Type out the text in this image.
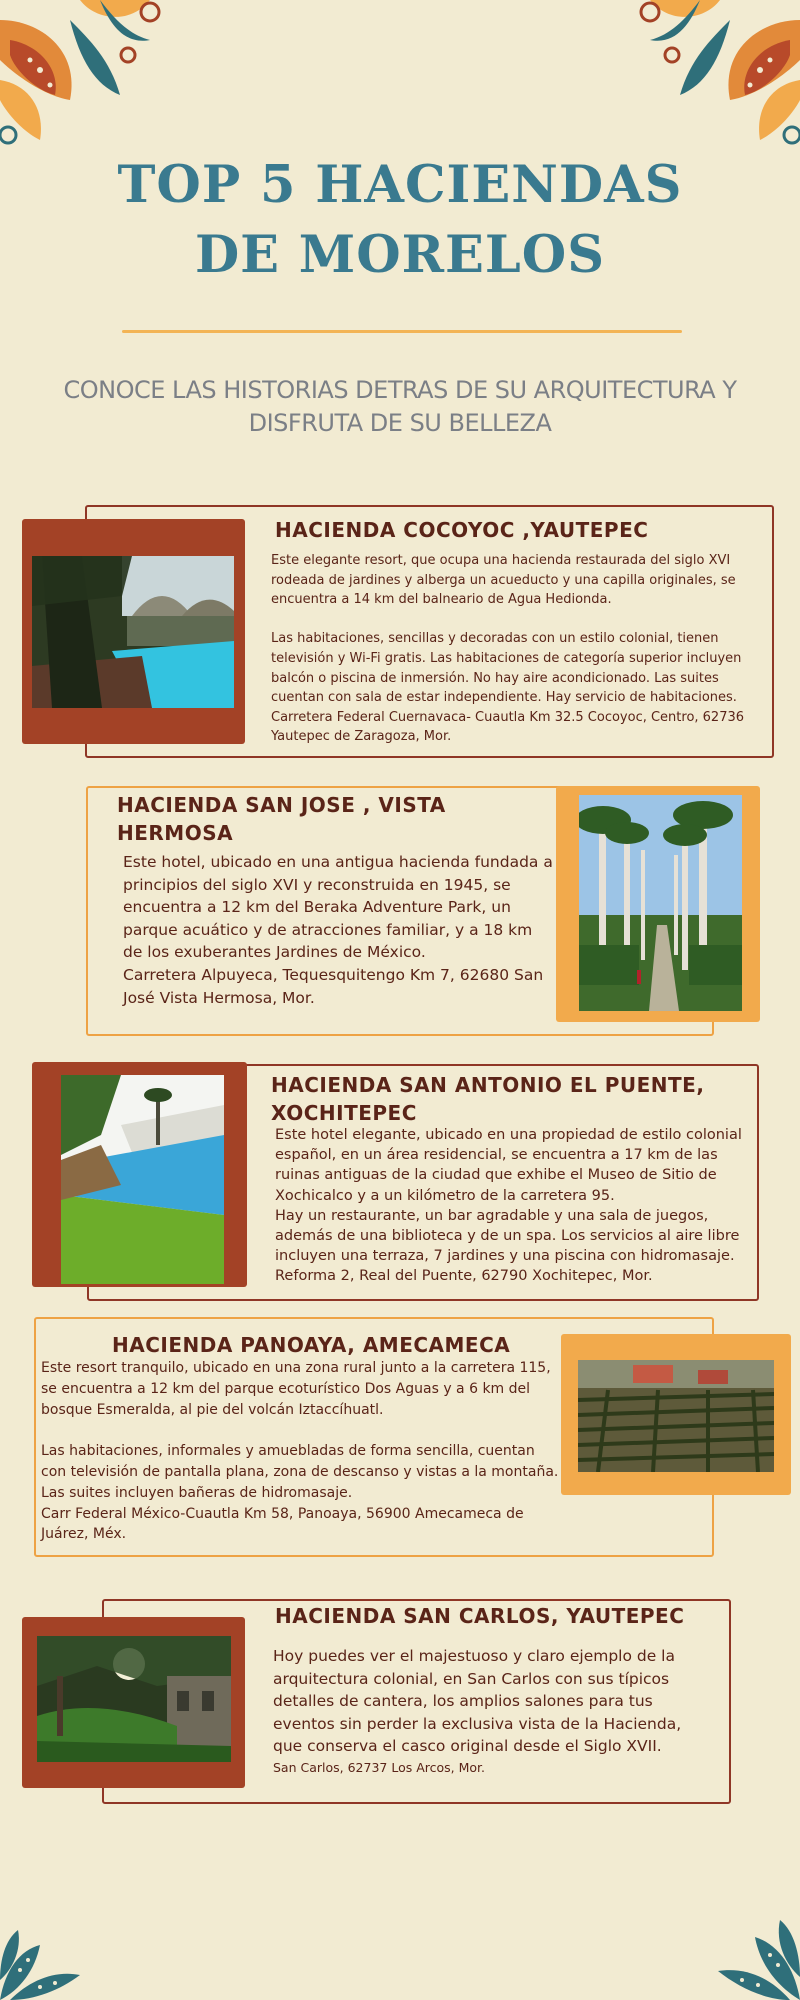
TOP 5 HACIENDAS DE MORELOS
CONOCE LAS HISTORIAS DETRAS DE SU ARQUITECTURA Y DISFRUTA DE SU BELLEZA
HACIENDA COCOYOC ,YAUTEPEC
Este elegante resort, que ocupa una hacienda restaurada del siglo XVI rodeada de jardines y alberga un acueducto y una capilla originales, se encuentra a 14 km del balneario de Agua Hedionda.

Las habitaciones, sencillas y decoradas con un estilo colonial, tienen televisión y Wi-Fi gratis. Las habitaciones de categoría superior incluyen balcón o piscina de inmersión. No hay aire acondicionado. Las suites cuentan con sala de estar independiente. Hay servicio de habitaciones.
Carretera Federal Cuernavaca- Cuautla Km 32.5 Cocoyoc, Centro, 62736 Yautepec de Zaragoza, Mor.
HACIENDA SAN JOSE , VISTA HERMOSA
Este hotel, ubicado en una antigua hacienda fundada a principios del siglo XVI y reconstruida en 1945, se encuentra a 12 km del Beraka Adventure Park, un parque acuático y de atracciones familiar, y a 18 km de los exuberantes Jardines de México.
Carretera Alpuyeca, Tequesquitengo Km 7, 62680 San José Vista Hermosa, Mor.
HACIENDA SAN ANTONIO EL PUENTE, XOCHITEPEC
Este hotel elegante, ubicado en una propiedad de estilo colonial español, en un área residencial, se encuentra a 17 km de las ruinas antiguas de la ciudad que exhibe el Museo de Sitio de Xochicalco y a un kilómetro de la carretera 95.
Hay un restaurante, un bar agradable y una sala de juegos, además de una biblioteca y de un spa. Los servicios al aire libre incluyen una terraza, 7 jardines y una piscina con hidromasaje.
Reforma 2, Real del Puente, 62790 Xochitepec, Mor.
HACIENDA PANOAYA, AMECAMECA
Este resort tranquilo, ubicado en una zona rural junto a la carretera 115, se encuentra a 12 km del parque ecoturístico Dos Aguas y a 6 km del bosque Esmeralda, al pie del volcán Iztaccíhuatl.

Las habitaciones, informales y amuebladas de forma sencilla, cuentan con televisión de pantalla plana, zona de descanso y vistas a la montaña. Las suites incluyen bañeras de hidromasaje.
Carr Federal México-Cuautla Km 58, Panoaya, 56900 Amecameca de Juárez, Méx.
HACIENDA SAN CARLOS, YAUTEPEC
Hoy puedes ver el majestuoso y claro ejemplo de la arquitectura colonial, en San Carlos con sus típicos detalles de cantera, los amplios salones para tus eventos sin perder la exclusiva vista de la Hacienda, que conserva el casco original desde el Siglo XVII.
San Carlos, 62737 Los Arcos, Mor.
